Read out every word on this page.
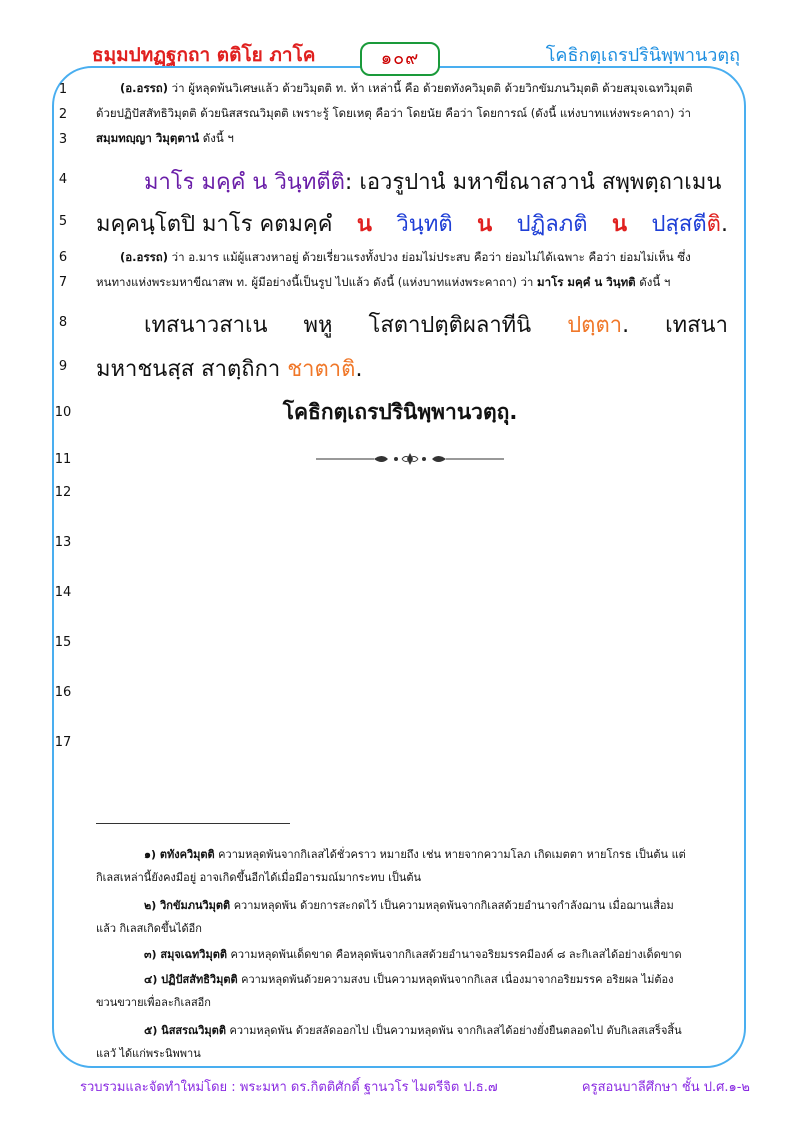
ธมฺมปทฏฺฐกถา ตติโย ภาโค	๑๐๙	โคธิกตฺเถรปรินิพฺพานวตฺถุ
1
2
3
4
5
6
7
8
9
10
11
12
13
14
15
16
17
(อ.อรรถ) ว่า ผู้หลุดพ้นวิเศษแล้ว ด้วยวิมุตติ ท. ห้า เหล่านี้ คือ ด้วยตทังควิมุตติ ด้วยวิกขัมภนวิมุตติ ด้วยสมุจเฉทวิมุตติ
ด้วยปฏิปัสสัทธิวิมุตติ ด้วยนิสสรณวิมุตติ เพราะรู้ โดยเหตุ คือว่า โดยนัย คือว่า โดยการณ์ (ดังนี้ แห่งบาทแห่งพระคาถา) ว่า
สมฺมทญฺญา วิมุตฺตานํ ดังนี้ ฯ
มาโร มคฺคํ น วินฺทตีติ: เอวรูปานํ มหาขีณาสวานํ สพฺพตฺถาเมน
มคฺคนฺโตปิ มาโร คตมคฺคํ น วินฺทติ น ปฏิลภติ น ปสฺสตีติ.
(อ.อรรถ) ว่า อ.มาร แม้ผู้แสวงหาอยู่ ด้วยเรี่ยวแรงทั้งปวง ย่อมไม่ประสบ คือว่า ย่อมไม่ได้เฉพาะ คือว่า ย่อมไม่เห็น ซึ่ง
หนทางแห่งพระมหาขีณาสพ ท. ผู้มีอย่างนี้เป็นรูป ไปแล้ว ดังนี้ (แห่งบาทแห่งพระคาถา) ว่า มาโร มคฺคํ น วินฺทติ ดังนี้ ฯ
เทสนาวสาเน พหู โสตาปตฺติผลาทีนิ ปตฺตา. เทสนา
มหาชนสฺส สาตฺถิกา ชาตาติ.
โคธิกตฺเถรปรินิพฺพานวตฺถุ.
๑) ตทังควิมุตติ ความหลุดพ้นจากกิเลสได้ชั่วคราว หมายถึง เช่น หายจากความโลภ เกิดเมตตา หายโกรธ เป็นต้น แต่
กิเลสเหล่านี้ยังคงมีอยู่ อาจเกิดขึ้นอีกได้เมื่อมีอารมณ์มากระทบ เป็นต้น
๒) วิกขัมภนวิมุตติ ความหลุดพ้น ด้วยการสะกดไว้ เป็นความหลุดพ้นจากกิเลสด้วยอำนาจกำลังฌาน เมื่อฌานเสื่อม
แล้ว กิเลสเกิดขึ้นได้อีก
๓) สมุจเฉทวิมุตติ ความหลุดพ้นเด็ดขาด คือหลุดพ้นจากกิเลสด้วยอำนาจอริยมรรคมีองค์ ๘ ละกิเลสได้อย่างเด็ดขาด
๔) ปฏิปัสสัทธิวิมุตติ ความหลุดพ้นด้วยความสงบ เป็นความหลุดพ้นจากกิเลส เนื่องมาจากอริยมรรค อริยผล ไม่ต้อง
ขวนขวายเพื่อละกิเลสอีก
๕) นิสสรณวิมุตติ ความหลุดพ้น ด้วยสลัดออกไป เป็นความหลุดพ้น จากกิเลสได้อย่างยั่งยืนตลอดไป ดับกิเลสเสร็จสิ้น
แลวั ได้แก่พระนิพพาน
รวบรวมและจัดทำใหม่โดย : พระมหา ดร.กิตติศักดิ์ ฐานวโร ไมตรีจิต ป.ธ.๗	ครูสอนบาลีศึกษา ชั้น ป.ศ.๑-๒
